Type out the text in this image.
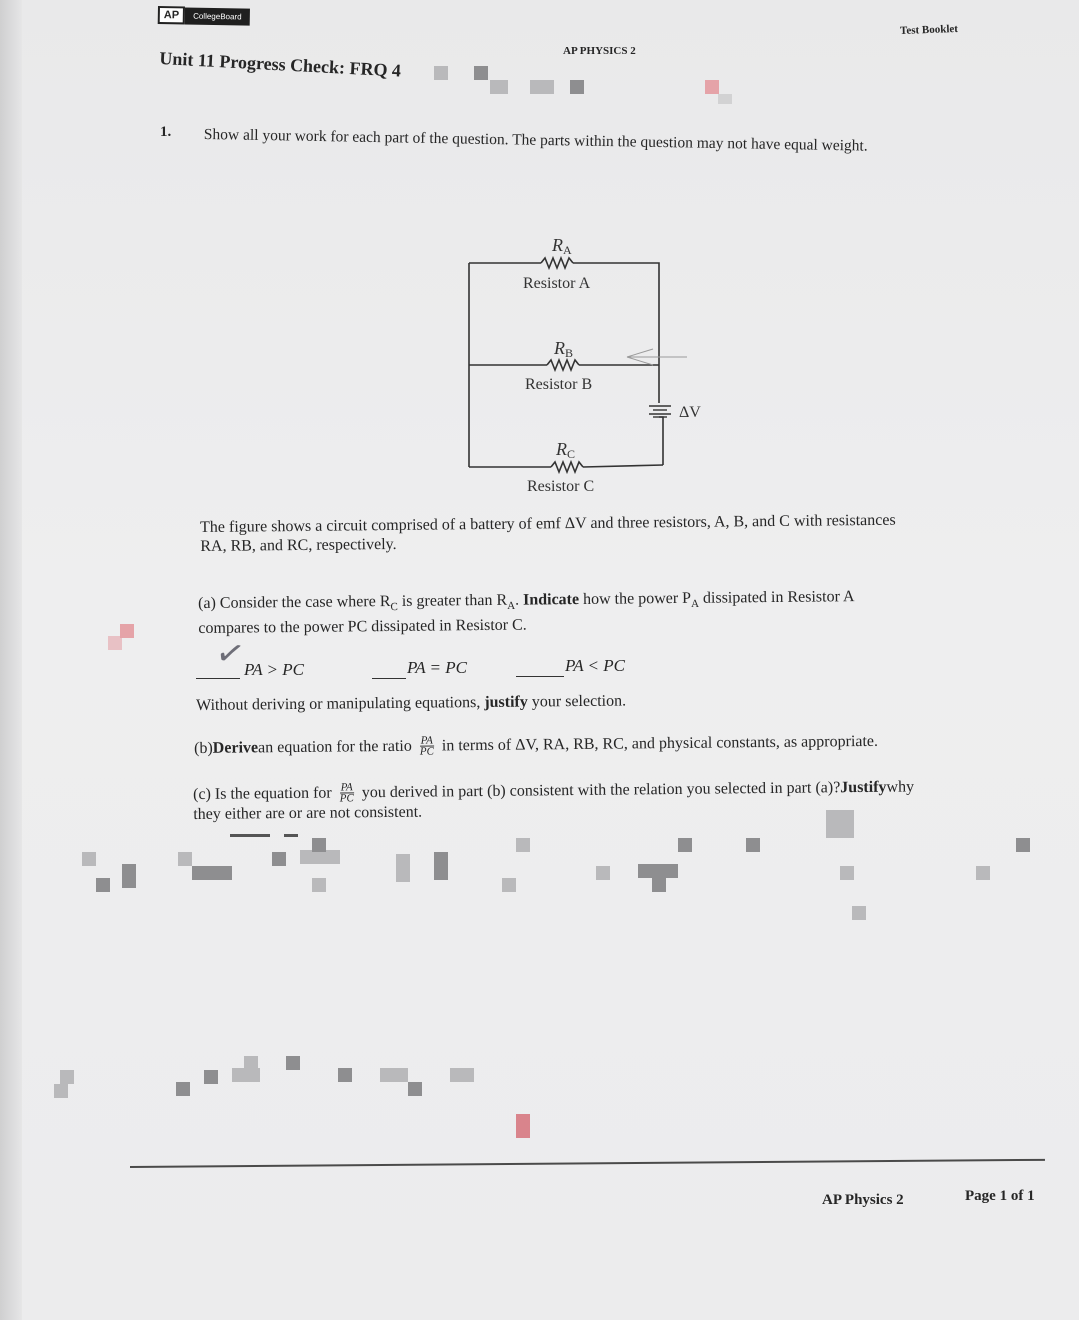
AP	CollegeBoard
AP PHYSICS 2
Test Booklet
Unit 11 Progress Check: FRQ 4
1. Show all your work for each part of the question. The parts within the question may not have equal weight.
RA
Resistor A
RB
Resistor B
ΔV
RC
Resistor C
The figure shows a circuit comprised of a battery of emf ΔV and three resistors, A, B, and C with resistances
RA, RB, and RC, respectively.
(a) Consider the case where $R_C$ is greater than $R_A$. Indicate how the power $P_A$ dissipated in Resistor A
compares to the power PC dissipated in Resistor C.
✓
PA > PC	PA = PC	PA < PC
Without deriving or manipulating equations, justify your selection.
(b) Derive an equation for the ratio PA
PC in terms of ΔV, RA, RB, RC, and physical constants, as appropriate.
(c) Is the equation for PA
PC you derived in part (b) consistent with the relation you selected in part (a)? Justify why
they either are or are not consistent.
AP Physics 2	Page 1 of 1
